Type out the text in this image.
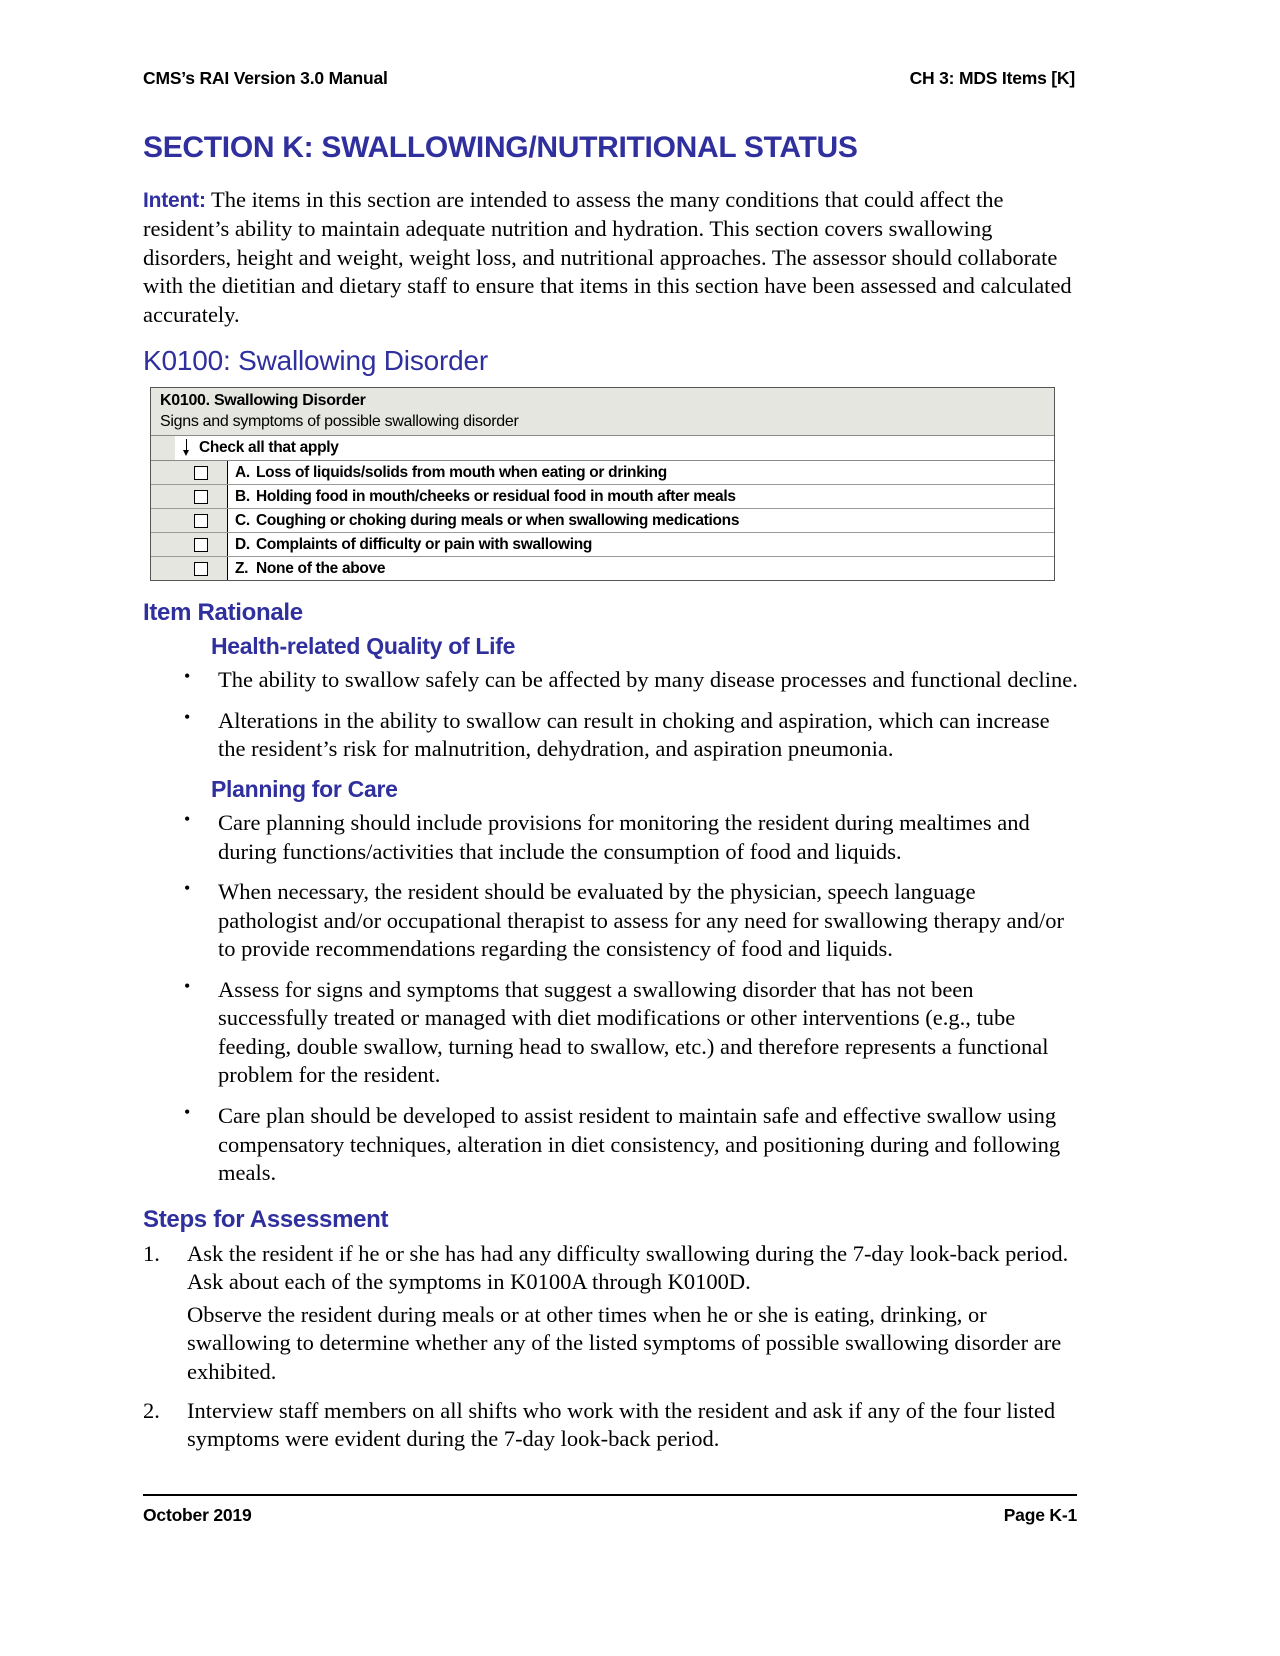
CMS’s RAI Version 3.0 Manual	CH 3: MDS Items [K]
SECTION K: SWALLOWING/NUTRITIONAL STATUS

Intent: The items in this section are intended to assess the many conditions that could affect the resident’s ability to maintain adequate nutrition and hydration. This section covers swallowing disorders, height and weight, weight loss, and nutritional approaches. The assessor should collaborate with the dietitian and dietary staff to ensure that items in this section have been assessed and calculated accurately.

K0100: Swallowing Disorder
K0100. Swallowing Disorder
Signs and symptoms of possible swallowing disorder
Check all that apply
A. Loss of liquids/solids from mouth when eating or drinking
B. Holding food in mouth/cheeks or residual food in mouth after meals
C. Coughing or choking during meals or when swallowing medications
D. Complaints of difficulty or pain with swallowing
Z. None of the above
Item Rationale
Health-related Quality of Life
• The ability to swallow safely can be affected by many disease processes and functional decline.
• Alterations in the ability to swallow can result in choking and aspiration, which can increase the resident’s risk for malnutrition, dehydration, and aspiration pneumonia.
Planning for Care
• Care planning should include provisions for monitoring the resident during mealtimes and during functions/activities that include the consumption of food and liquids.
• When necessary, the resident should be evaluated by the physician, speech language pathologist and/or occupational therapist to assess for any need for swallowing therapy and/or to provide recommendations regarding the consistency of food and liquids.
• Assess for signs and symptoms that suggest a swallowing disorder that has not been successfully treated or managed with diet modifications or other interventions (e.g., tube feeding, double swallow, turning head to swallow, etc.) and therefore represents a functional problem for the resident.
• Care plan should be developed to assist resident to maintain safe and effective swallow using compensatory techniques, alteration in diet consistency, and positioning during and following meals.
Steps for Assessment
1.	Ask the resident if he or she has had any difficulty swallowing during the 7-day look-back period. Ask about each of the symptoms in K0100A through K0100D.

Observe the resident during meals or at other times when he or she is eating, drinking, or swallowing to determine whether any of the listed symptoms of possible swallowing disorder are exhibited.

2.	Interview staff members on all shifts who work with the resident and ask if any of the four listed symptoms were evident during the 7-day look-back period.
October 2019	Page K-1
